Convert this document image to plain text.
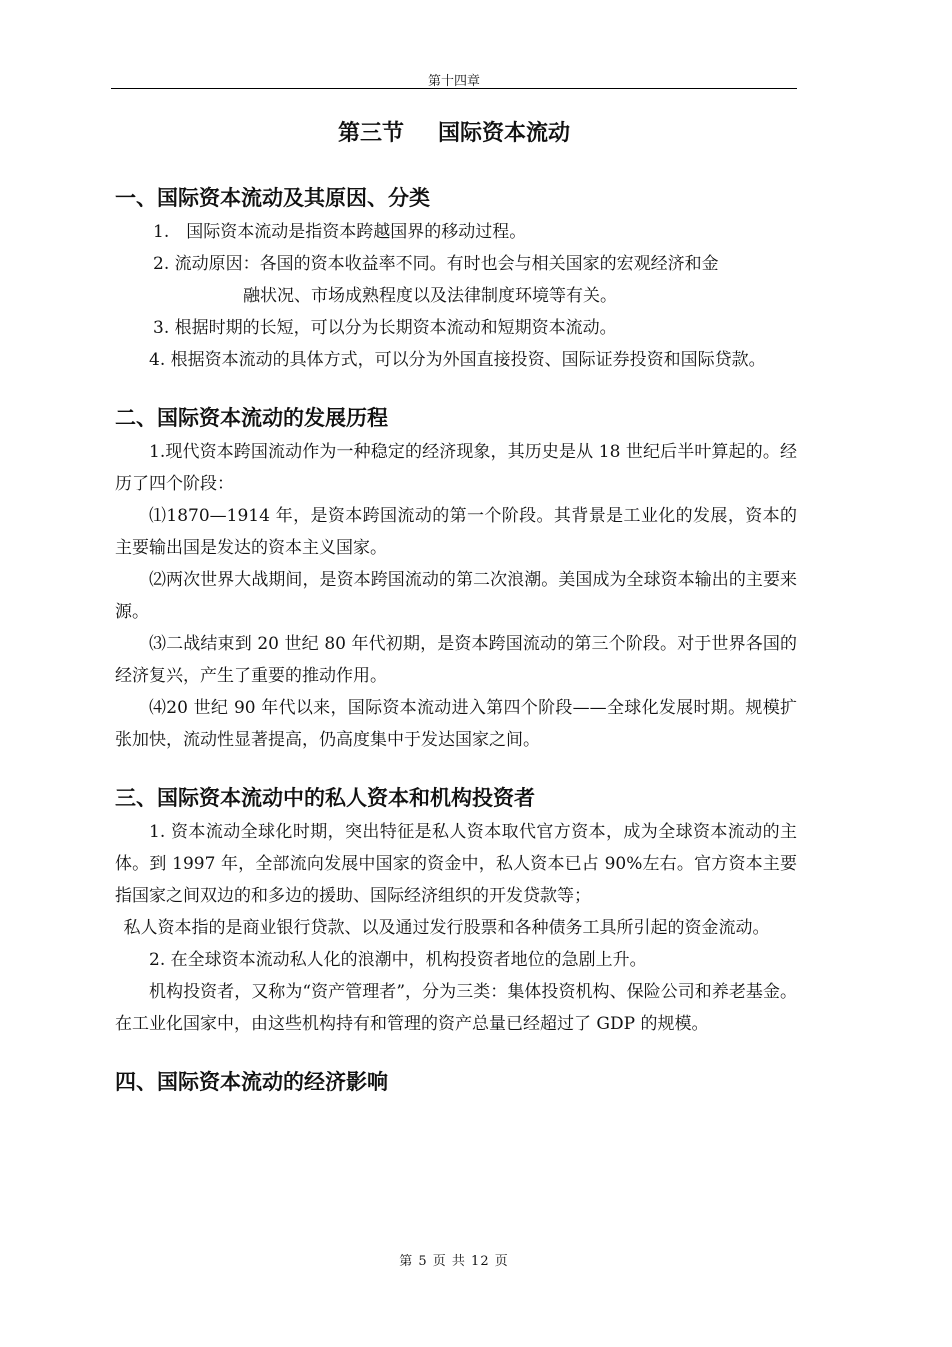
第十四章
第三节 国际资本流动
一、国际资本流动及其原因、分类

1.　国际资本流动是指资本跨越国界的移动过程。

2. 流动原因：各国的资本收益率不同。有时也会与相关国家的宏观经济和金
融状况、市场成熟程度以及法律制度环境等有关。

3. 根据时期的长短，可以分为长期资本流动和短期资本流动。

4. 根据资本流动的具体方式，可以分为外国直接投资、国际证券投资和国际贷款。

二、国际资本流动的发展历程

1.现代资本跨国流动作为一种稳定的经济现象，其历史是从 18 世纪后半叶算起的。经历了四个阶段：

⑴1870—1914 年，是资本跨国流动的第一个阶段。其背景是工业化的发展，资本的主要输出国是发达的资本主义国家。

⑵两次世界大战期间，是资本跨国流动的第二次浪潮。美国成为全球资本输出的主要来源。

⑶二战结束到 20 世纪 80 年代初期，是资本跨国流动的第三个阶段。对于世界各国的经济复兴，产生了重要的推动作用。

⑷20 世纪 90 年代以来，国际资本流动进入第四个阶段——全球化发展时期。规模扩张加快，流动性显著提高，仍高度集中于发达国家之间。

三、国际资本流动中的私人资本和机构投资者

1. 资本流动全球化时期，突出特征是私人资本取代官方资本，成为全球资本流动的主体。到 1997 年，全部流向发展中国家的资金中，私人资本已占 90%左右。官方资本主要指国家之间双边的和多边的援助、国际经济组织的开发贷款等；

私人资本指的是商业银行贷款、以及通过发行股票和各种债务工具所引起的资金流动。

2. 在全球资本流动私人化的浪潮中，机构投资者地位的急剧上升。

机构投资者，又称为“资产管理者”，分为三类：集体投资机构、保险公司和养老基金。在工业化国家中，由这些机构持有和管理的资产总量已经超过了 GDP 的规模。

四、国际资本流动的经济影响
第 5 页 共 12 页
